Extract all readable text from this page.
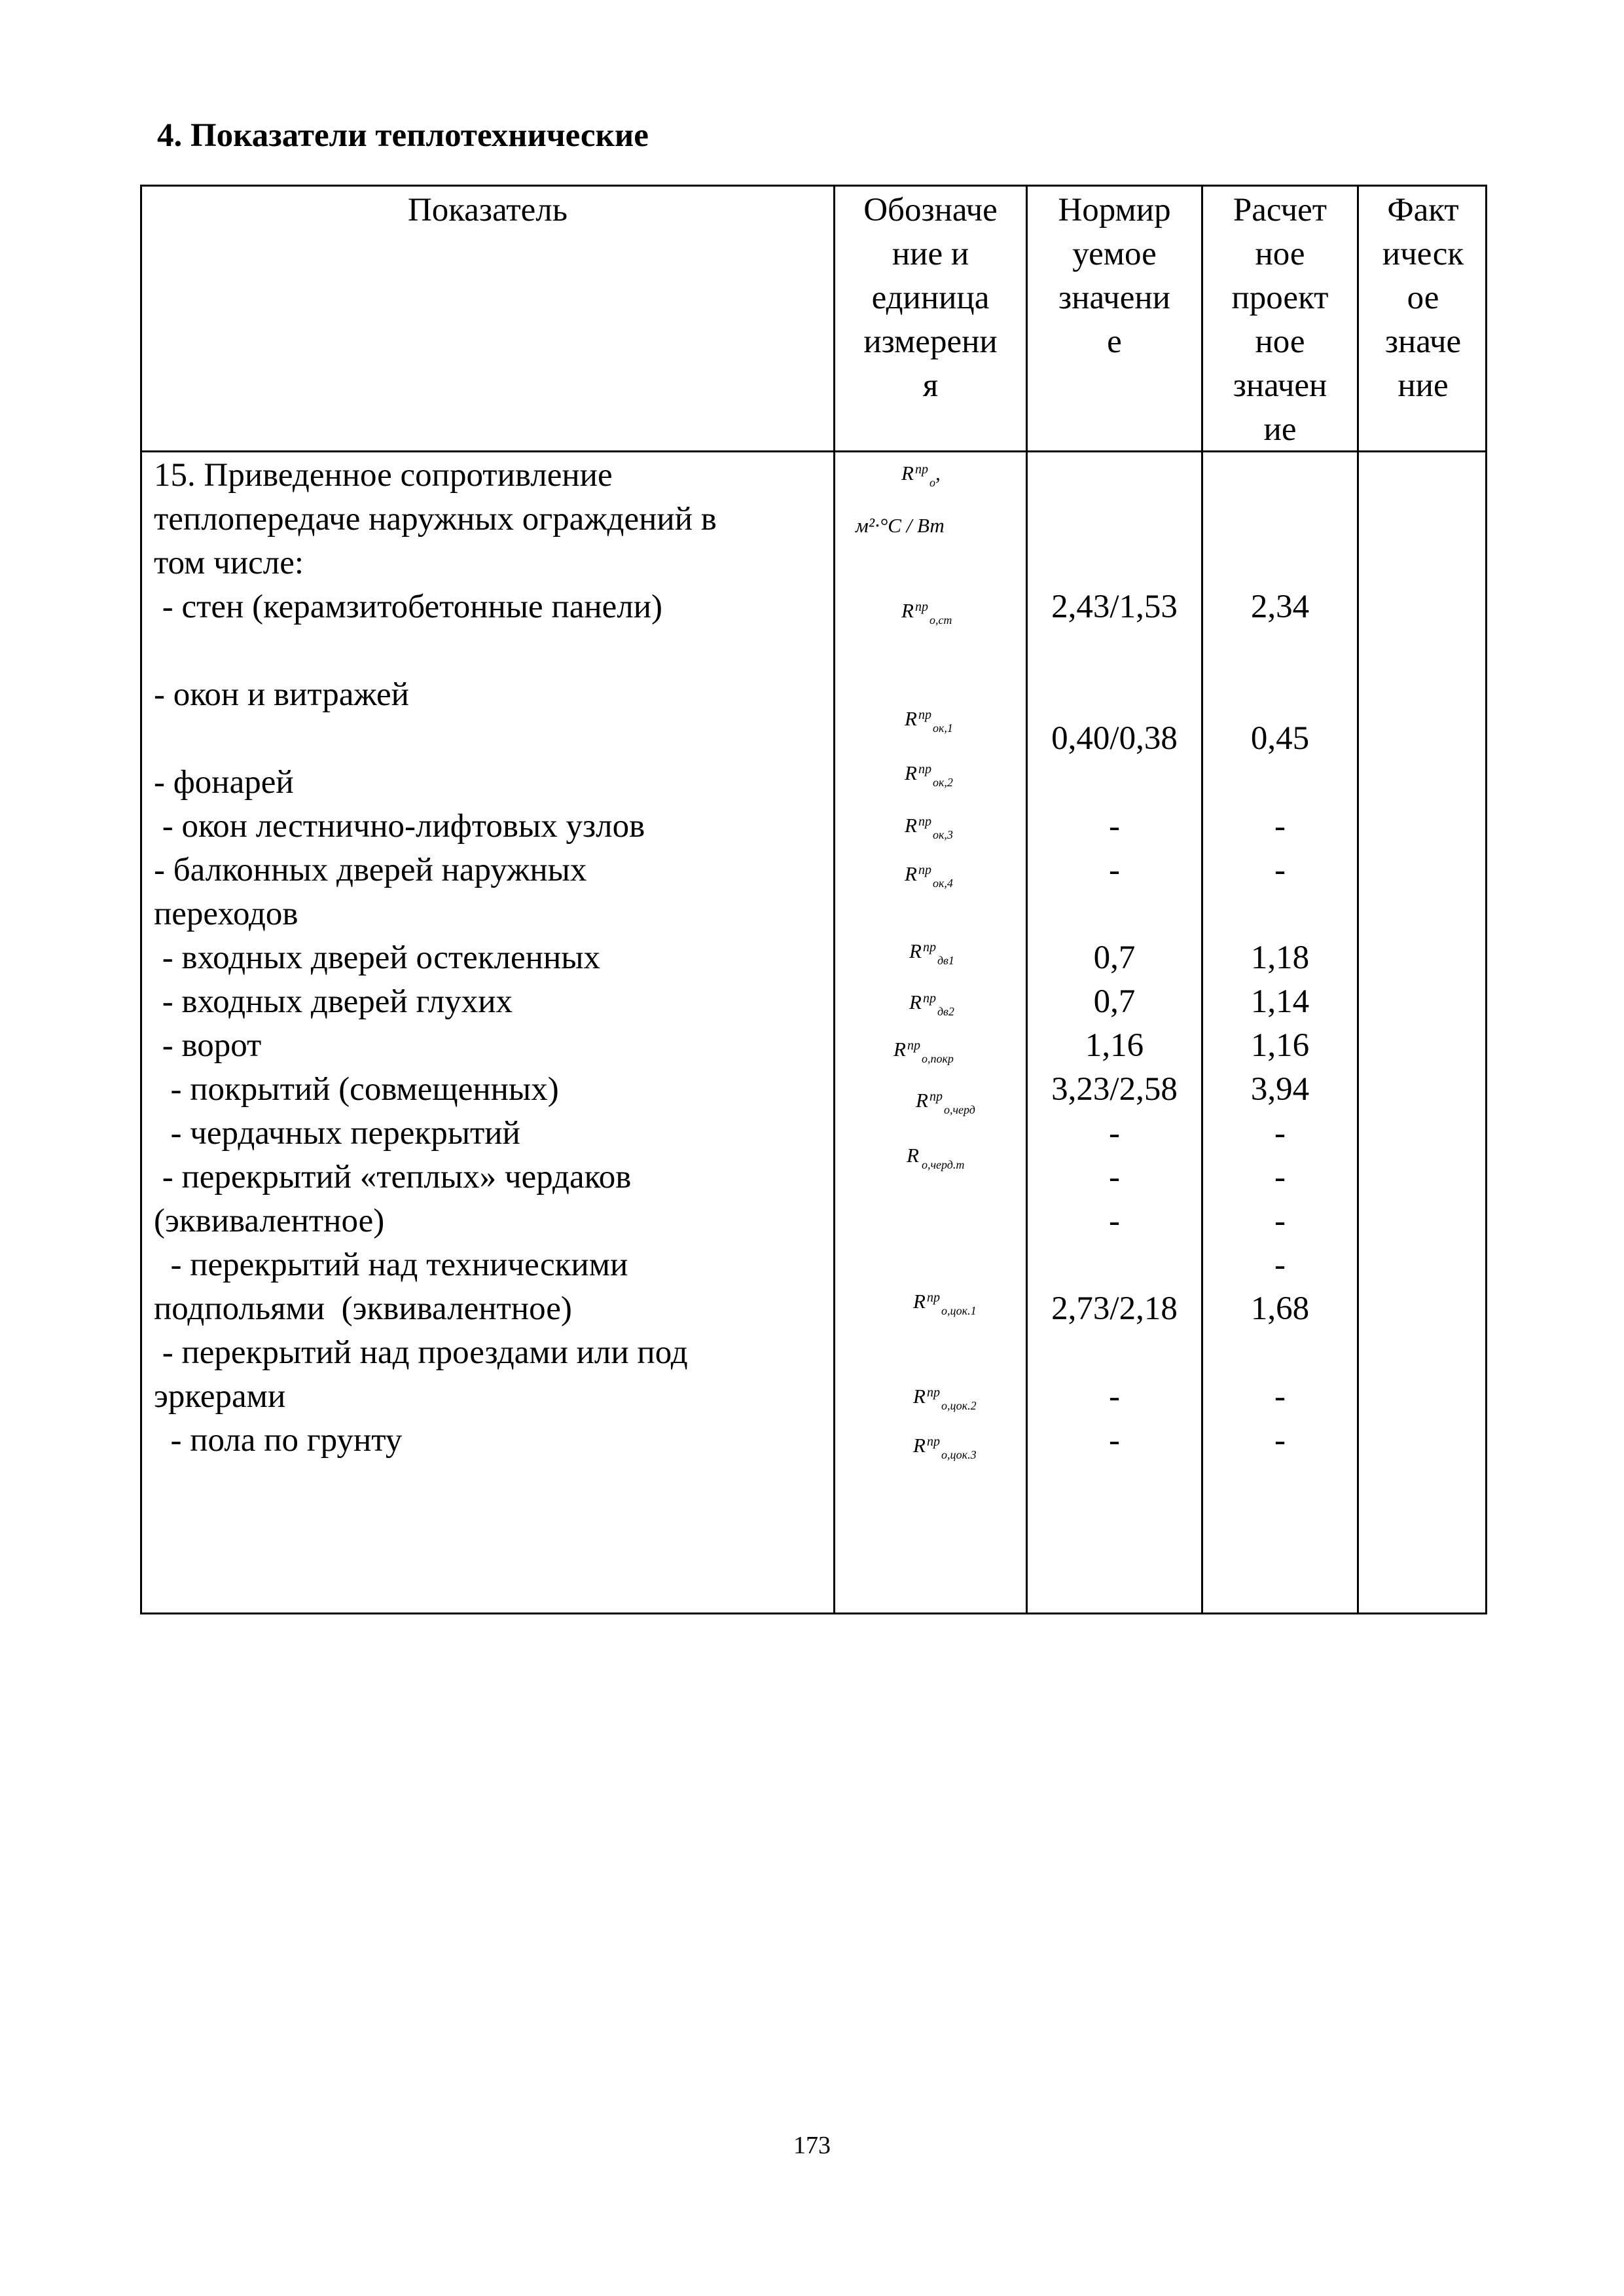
4. Показатели теплотехнические
Показатель	Обозначе
ние и
единица
измерени
я
Нормир
уемое
значени
е
Расчет
ное
проект
ное
значен
ие
Факт
ическ
ое
значе
ние
15. Приведенное сопротивление
теплопередаче наружных ограждений в
том числе:
- стен (керамзитобетонные панели)
- окон и витражей
- фонарей
- окон лестнично-лифтовых узлов
- балконных дверей наружных
переходов
- входных дверей остекленных
- входных дверей глухих
- ворот
- покрытий (совмещенных)
- чердачных перекрытий
- перекрытий «теплых» чердаков
(эквивалентное)
- перекрытий над техническими
подпольями  (эквивалентное)
- перекрытий над проездами или под
эркерами
- пола по грунту
R $^{пр}_о$,
м²·°С / Вт
R $^{пр}_{о,ст}$
R $^{пр}_{ок,1}$
R $^{пр}_{ок,2}$
R $^{пр}_{ок,3}$
R $^{пр}_{ок,4}$
R $^{пр}_{дв1}$
R $^{пр}_{дв2}$
R $^{пр}_{о,покр}$
R $^{пр}_{о,черд}$
R $_{о,черд.т}$
R $^{пр}_{о,цок.1}$
R $^{пр}_{о,цок.2}$
R $^{пр}_{о,цок.3}$
2,43/1,53
0,40/0,38
-
-
0,7
0,7
1,16
3,23/2,58
-
-
-
2,73/2,18
-
-
2,34
0,45
-
-
1,18
1,14
1,16
3,94
-
-
-
-
1,68
-
-
173
